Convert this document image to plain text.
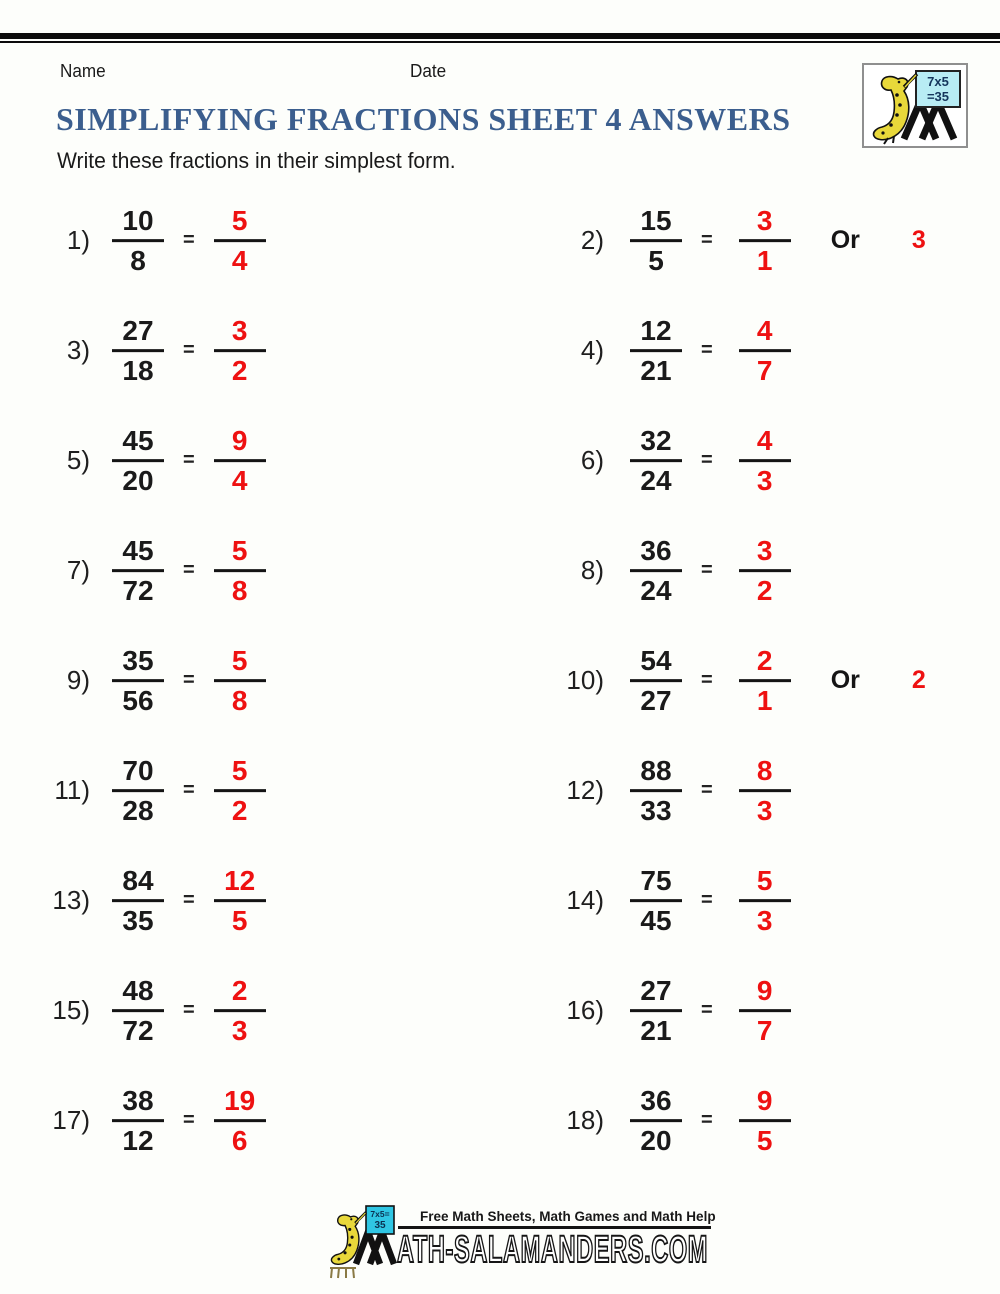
Name	Date
7x5
=35
SIMPLIFYING FRACTIONS SHEET 4 ANSWERS
Write these fractions in their simplest form.
$1) \frac{10}{8} = \frac{5}{4}$	$2) \frac{15}{5} = \frac{3}{1}$ Or 3
$3) \frac{27}{18} = \frac{3}{2}$	$4) \frac{12}{21} = \frac{4}{7}$
$5) \frac{45}{20} = \frac{9}{4}$	$6) \frac{32}{24} = \frac{4}{3}$
$7) \frac{45}{72} = \frac{5}{8}$	$8) \frac{36}{24} = \frac{3}{2}$
$9) \frac{35}{56} = \frac{5}{8}$	$10) \frac{54}{27} = \frac{2}{1}$ Or 2
$11) \frac{70}{28} = \frac{5}{2}$	$12) \frac{88}{33} = \frac{8}{3}$
$13) \frac{84}{35} = \frac{12}{5}$	$14) \frac{75}{45} = \frac{5}{3}$
$15) \frac{48}{72} = \frac{2}{3}$	$16) \frac{27}{21} = \frac{9}{7}$
$17) \frac{38}{12} = \frac{19}{6}$	$18) \frac{36}{20} = \frac{9}{5}$
7x5=
35
Free Math Sheets, Math Games and Math Help
ATH-SALAMANDERS.COM
